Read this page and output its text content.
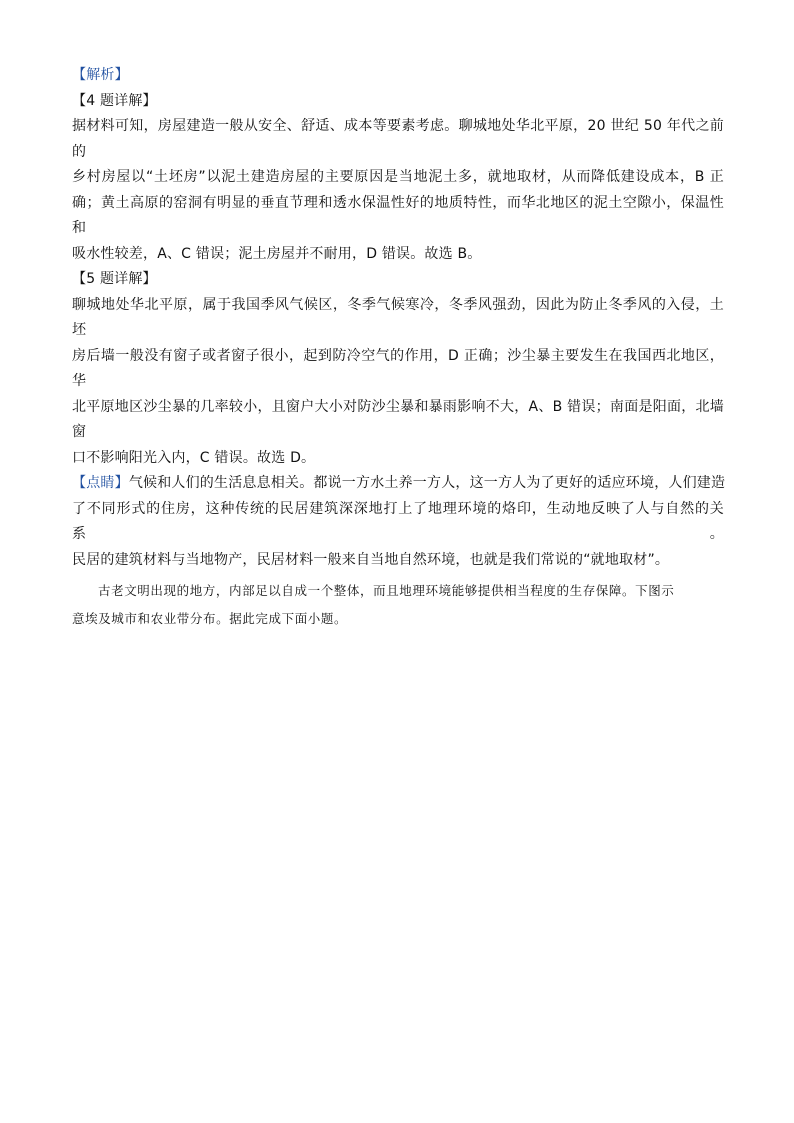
【解析】
【4 题详解】
据材料可知，房屋建造一般从安全、舒适、成本等要素考虑。聊城地处华北平原，20 世纪 50 年代之前的
乡村房屋以“土坯房”以泥土建造房屋的主要原因是当地泥土多，就地取材，从而降低建设成本，B 正
确；黄土高原的窑洞有明显的垂直节理和透水保温性好的地质特性，而华北地区的泥土空隙小，保温性和
吸水性较差，A、C 错误；泥土房屋并不耐用，D 错误。故选 B。
【5 题详解】
聊城地处华北平原，属于我国季风气候区，冬季气候寒冷，冬季风强劲，因此为防止冬季风的入侵，土坯
房后墙一般没有窗子或者窗子很小，起到防冷空气的作用，D 正确；沙尘暴主要发生在我国西北地区，华
北平原地区沙尘暴的几率较小，且窗户大小对防沙尘暴和暴雨影响不大，A、B 错误；南面是阳面，北墙窗
口不影响阳光入内，C 错误。故选 D。
【点睛】气候和人们的生活息息相关。都说一方水土养一方人，这一方人为了更好的适应环境，人们建造
了不同形式的住房，这种传统的民居建筑深深地打上了地理环境的烙印，生动地反映了人与自然的关系。
民居的建筑材料与当地物产，民居材料一般来自当地自然环境，也就是我们常说的“就地取材”。
古老文明出现的地方，内部足以自成一个整体，而且地理环境能够提供相当程度的生存保障。下图示
意埃及城市和农业带分布。据此完成下面小题。
